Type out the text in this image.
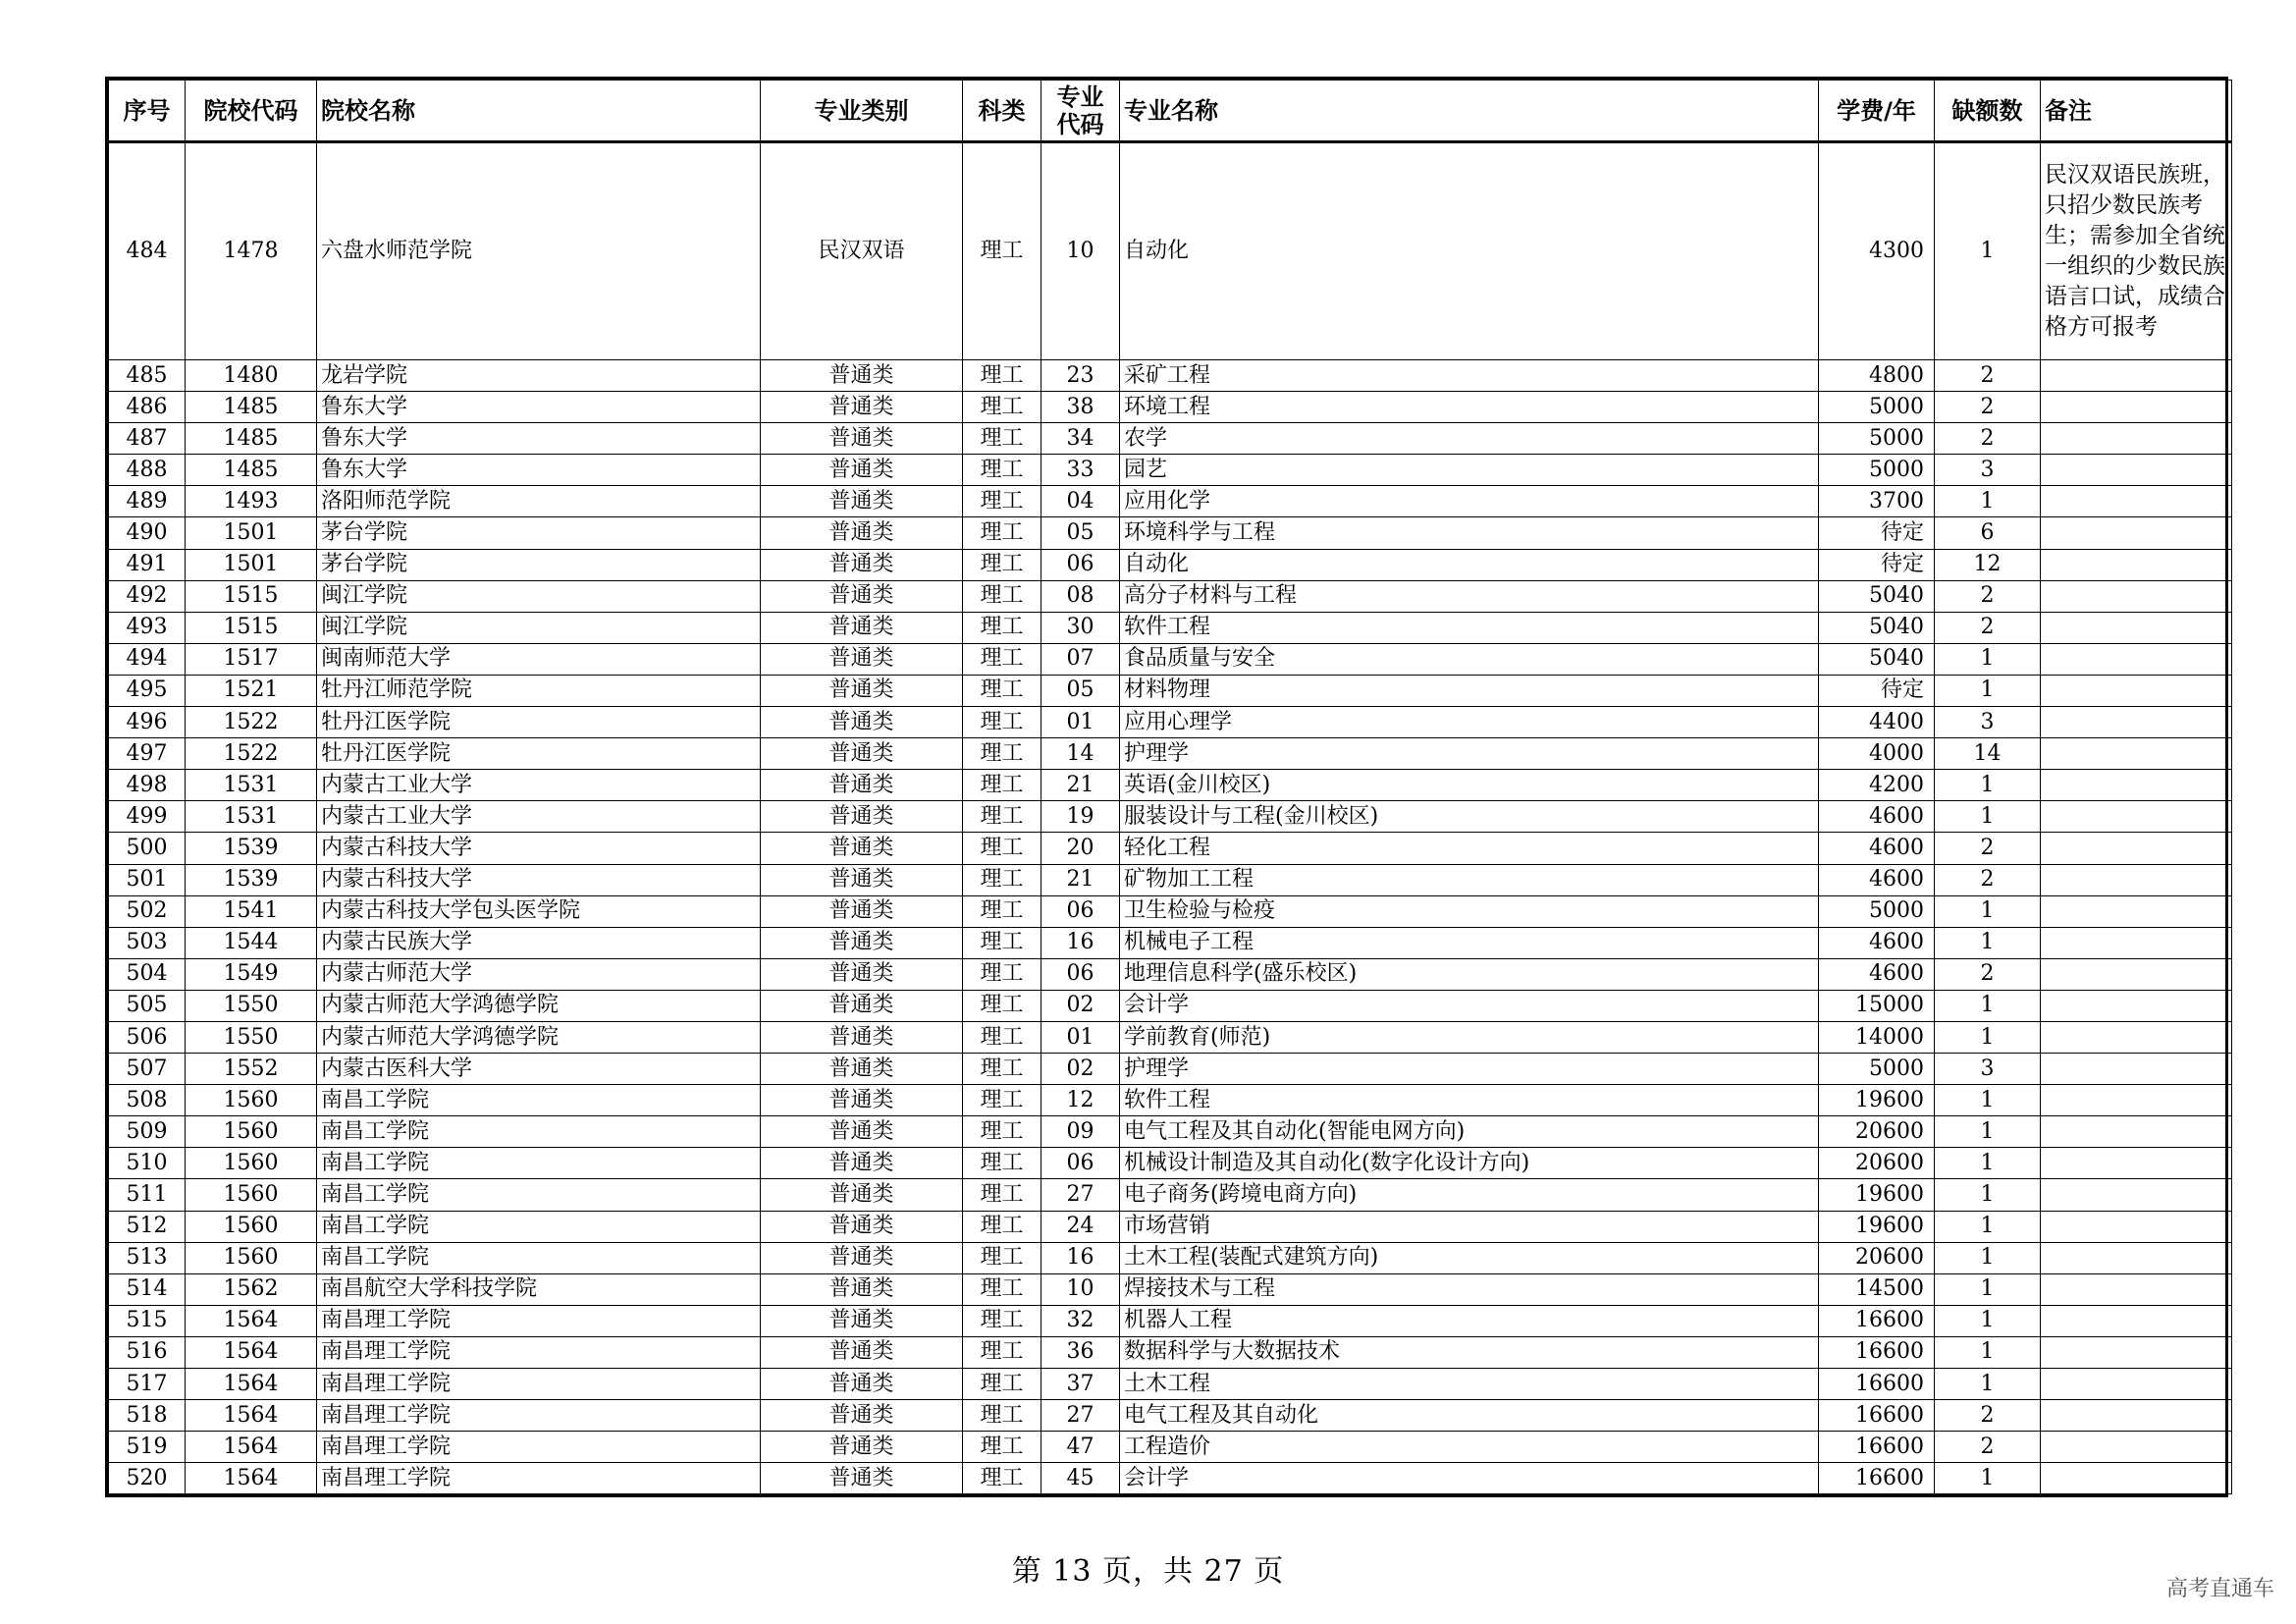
序号	院校代码	院校名称	专业类别	科类	专业代码	专业名称	学费/年	缺额数	备注
484	1478	六盘水师范学院	民汉双语	理工	10	自动化	4300	1	民汉双语民族班，只招少数民族考生；需参加全省统一组织的少数民族语言口试，成绩合格方可报考
485	1480	龙岩学院	普通类	理工	23	采矿工程	4800	2	
486	1485	鲁东大学	普通类	理工	38	环境工程	5000	2	
487	1485	鲁东大学	普通类	理工	34	农学	5000	2	
488	1485	鲁东大学	普通类	理工	33	园艺	5000	3	
489	1493	洛阳师范学院	普通类	理工	04	应用化学	3700	1	
490	1501	茅台学院	普通类	理工	05	环境科学与工程	待定	6	
491	1501	茅台学院	普通类	理工	06	自动化	待定	12	
492	1515	闽江学院	普通类	理工	08	高分子材料与工程	5040	2	
493	1515	闽江学院	普通类	理工	30	软件工程	5040	2	
494	1517	闽南师范大学	普通类	理工	07	食品质量与安全	5040	1	
495	1521	牡丹江师范学院	普通类	理工	05	材料物理	待定	1	
496	1522	牡丹江医学院	普通类	理工	01	应用心理学	4400	3	
497	1522	牡丹江医学院	普通类	理工	14	护理学	4000	14	
498	1531	内蒙古工业大学	普通类	理工	21	英语(金川校区)	4200	1	
499	1531	内蒙古工业大学	普通类	理工	19	服装设计与工程(金川校区)	4600	1	
500	1539	内蒙古科技大学	普通类	理工	20	轻化工程	4600	2	
501	1539	内蒙古科技大学	普通类	理工	21	矿物加工工程	4600	2	
502	1541	内蒙古科技大学包头医学院	普通类	理工	06	卫生检验与检疫	5000	1	
503	1544	内蒙古民族大学	普通类	理工	16	机械电子工程	4600	1	
504	1549	内蒙古师范大学	普通类	理工	06	地理信息科学(盛乐校区)	4600	2	
505	1550	内蒙古师范大学鸿德学院	普通类	理工	02	会计学	15000	1	
506	1550	内蒙古师范大学鸿德学院	普通类	理工	01	学前教育(师范)	14000	1	
507	1552	内蒙古医科大学	普通类	理工	02	护理学	5000	3	
508	1560	南昌工学院	普通类	理工	12	软件工程	19600	1	
509	1560	南昌工学院	普通类	理工	09	电气工程及其自动化(智能电网方向)	20600	1	
510	1560	南昌工学院	普通类	理工	06	机械设计制造及其自动化(数字化设计方向)	20600	1	
511	1560	南昌工学院	普通类	理工	27	电子商务(跨境电商方向)	19600	1	
512	1560	南昌工学院	普通类	理工	24	市场营销	19600	1	
513	1560	南昌工学院	普通类	理工	16	土木工程(装配式建筑方向)	20600	1	
514	1562	南昌航空大学科技学院	普通类	理工	10	焊接技术与工程	14500	1	
515	1564	南昌理工学院	普通类	理工	32	机器人工程	16600	1	
516	1564	南昌理工学院	普通类	理工	36	数据科学与大数据技术	16600	1	
517	1564	南昌理工学院	普通类	理工	37	土木工程	16600	1	
518	1564	南昌理工学院	普通类	理工	27	电气工程及其自动化	16600	2	
519	1564	南昌理工学院	普通类	理工	47	工程造价	16600	2	
520	1564	南昌理工学院	普通类	理工	45	会计学	16600	1	
第 13 页，共 27 页
高考直通车
